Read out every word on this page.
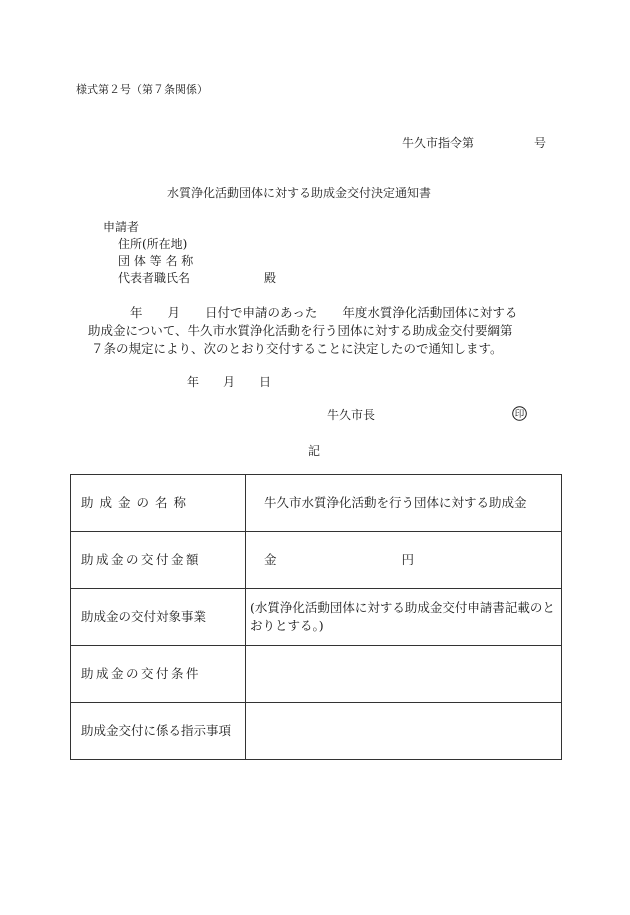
様式第２号（第７条関係）
牛久市指令第　　　　　号
水質浄化活動団体に対する助成金交付決定通知書
申請者
住所(所在地)
団 体 等 名 称
代表者職氏名	殿
年　　月　　日付で申請のあった　　年度水質浄化活動団体に対する
助成金について、牛久市水質浄化活動を行う団体に対する助成金交付要綱第
７条の規定により、次のとおり交付することに決定したので通知します。
年　　月　　日
牛久市長	印
記
助成金の名称	牛久市水質浄化活動を行う団体に対する助成金
助成金の交付金額	金　　　　　　　　　　円
助成金の交付対象事業	(水質浄化活動団体に対する助成金交付申請書記載のとおりとする。)
助成金の交付条件	
助成金交付に係る指示事項	
